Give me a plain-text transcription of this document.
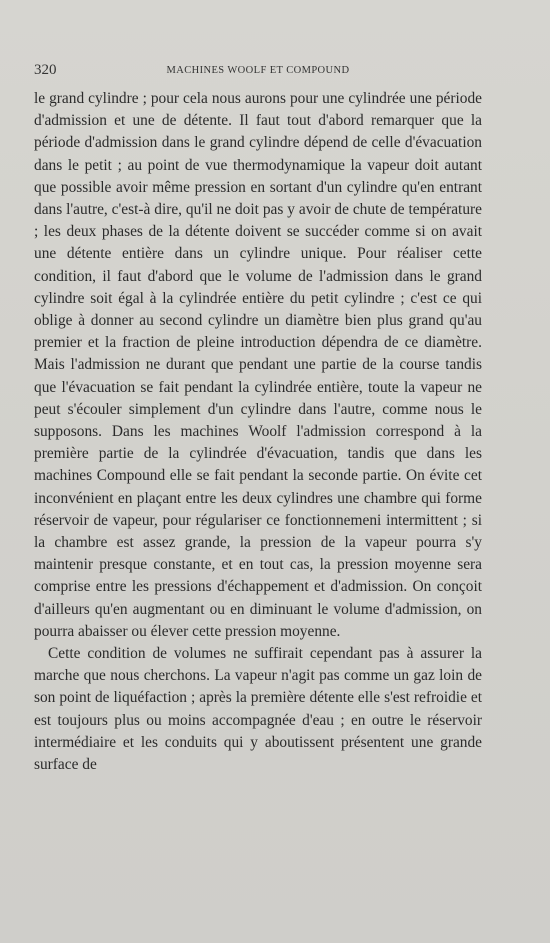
320	MACHINES WOOLF ET COMPOUND

le grand cylindre ; pour cela nous aurons pour une cylindrée une période d'admission et une de détente. Il faut tout d'abord remarquer que la période d'admission dans le grand cylindre dépend de celle d'évacuation dans le petit ; au point de vue thermodynamique la vapeur doit autant que possible avoir même pression en sortant d'un cylindre qu'en entrant dans l'autre, c'est-à dire, qu'il ne doit pas y avoir de chute de température ; les deux phases de la détente doivent se succéder comme si on avait une détente entière dans un cylindre unique. Pour réaliser cette condition, il faut d'abord que le volume de l'admission dans le grand cylindre soit égal à la cylindrée entière du petit cylindre ; c'est ce qui oblige à donner au second cylindre un diamètre bien plus grand qu'au premier et la fraction de pleine introduction dépendra de ce diamètre. Mais l'admission ne durant que pendant une partie de la course tandis que l'évacuation se fait pendant la cylindrée entière, toute la vapeur ne peut s'écouler simplement d'un cylindre dans l'autre, comme nous le supposons. Dans les machines Woolf l'admission correspond à la première partie de la cylindrée d'évacuation, tandis que dans les machines Compound elle se fait pendant la seconde partie. On évite cet inconvénient en plaçant entre les deux cylindres une chambre qui forme réservoir de vapeur, pour régulariser ce fonctionnemeni intermittent ; si la chambre est assez grande, la pression de la vapeur pourra s'y maintenir presque constante, et en tout cas, la pression moyenne sera comprise entre les pressions d'échappement et d'admission. On conçoit d'ailleurs qu'en augmentant ou en diminuant le volume d'admission, on pourra abaisser ou élever cette pression moyenne.

Cette condition de volumes ne suffirait cependant pas à assurer la marche que nous cherchons. La vapeur n'agit pas comme un gaz loin de son point de liquéfaction ; après la première détente elle s'est refroidie et est toujours plus ou moins accompagnée d'eau ; en outre le réservoir intermédiaire et les conduits qui y aboutissent présentent une grande surface de
